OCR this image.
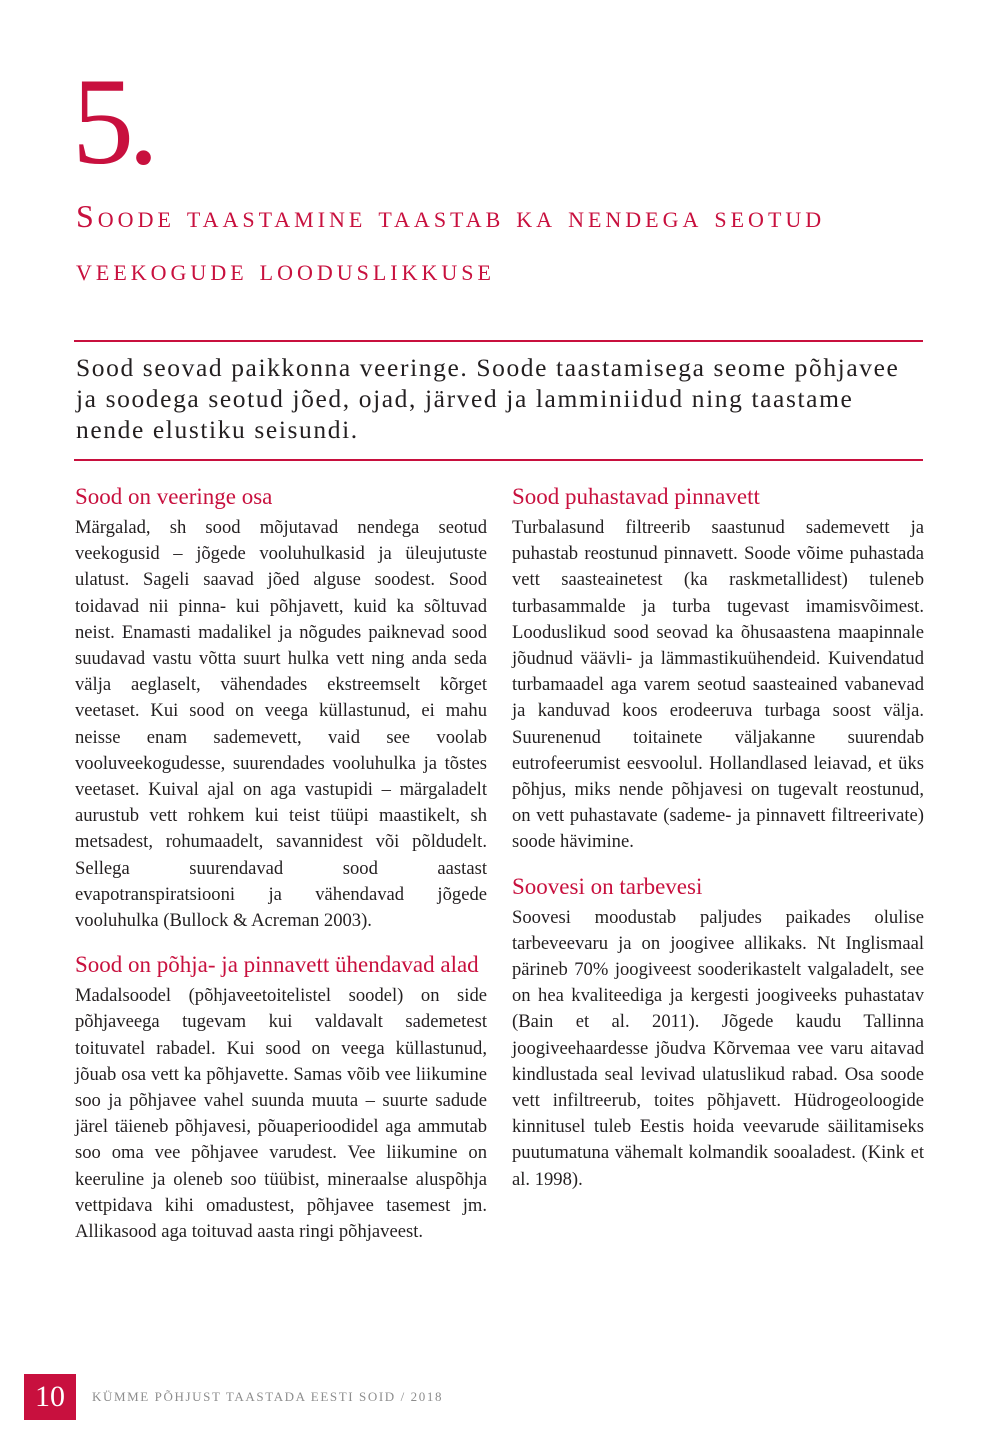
5.
Soode taastamine taastab ka nendega seotud veekogude looduslikkuse

Sood seovad paikkonna veeringe. Soode taastamisega seome põhjavee ja soodega seotud jõed, ojad, järved ja lamminiidud ning taastame nende elustiku seisundi.

Sood on veeringe osa

Märgalad, sh sood mõjutavad nendega seotud veekogusid – jõgede vooluhulkasid ja üleujutuste ulatust. Sageli saavad jõed alguse soodest. Sood toidavad nii pinna- kui põhjavett, kuid ka sõltuvad neist. Enamasti madalikel ja nõgudes paiknevad sood suudavad vastu võtta suurt hulka vett ning anda seda välja aeglaselt, vähendades ekstreemselt kõrget veetaset. Kui sood on veega küllastunud, ei mahu neisse enam sademevett, vaid see voolab vooluveekogudesse, suurendades vooluhulka ja tõstes veetaset. Kuival ajal on aga vastupidi – märgaladelt aurustub vett rohkem kui teist tüüpi maastikelt, sh metsadest, rohumaadelt, savannidest või põldudelt. Sellega suurendavad sood aastast evapotranspiratsiooni ja vähendavad jõgede vooluhulka (Bullock & Acreman 2003).

Sood on põhja- ja pinnavett ühendavad alad

Madalsoodel (põhjaveetoitelistel soodel) on side põhjaveega tugevam kui valdavalt sademetest toituvatel rabadel. Kui sood on veega küllastunud, jõuab osa vett ka põhjavette. Samas võib vee liikumine soo ja põhjavee vahel suunda muuta – suurte sadude järel täieneb põhjavesi, põuaperioodidel aga ammutab soo oma vee põhjavee varudest. Vee liikumine on keeruline ja oleneb soo tüübist, mineraalse aluspõhja vettpidava kihi omadustest, põhjavee tasemest jm. Allikasood aga toituvad aasta ringi põhjaveest.

Sood puhastavad pinnavett

Turbalasund filtreerib saastunud sademevett ja puhastab reostunud pinnavett. Soode võime puhastada vett saasteainetest (ka raskmetallidest) tuleneb turbasammalde ja turba tugevast imamisvõimest. Looduslikud sood seovad ka õhusaastena maapinnale jõudnud väävli- ja lämmastikuühendeid. Kuivendatud turbamaadel aga varem seotud saasteained vabanevad ja kanduvad koos erodeeruva turbaga soost välja. Suurenenud toitainete väljakanne suurendab eutrofeerumist eesvoolul. Hollandlased leiavad, et üks põhjus, miks nende põhjavesi on tugevalt reostunud, on vett puhastavate (sademe- ja pinnavett filtreerivate) soode hävimine.

Soovesi on tarbevesi

Soovesi moodustab paljudes paikades olulise tarbeveevaru ja on joogivee allikaks. Nt Inglismaal pärineb 70% joogiveest sooderikastelt valgaladelt, see on hea kvaliteediga ja kergesti joogiveeks puhastatav (Bain et al. 2011). Jõgede kaudu Tallinna joogiveehaardesse jõudva Kõrvemaa vee varu aitavad kindlustada seal levivad ulatuslikud rabad. Osa soode vett infiltreerub, toites põhjavett. Hüdrogeoloogide kinnitusel tuleb Eestis hoida veevarude säilitamiseks puutumatuna vähemalt kolmandik sooaladest. (Kink et al. 1998).

10	KÜMME PÕHJUST TAASTADA EESTI SOID / 2018
